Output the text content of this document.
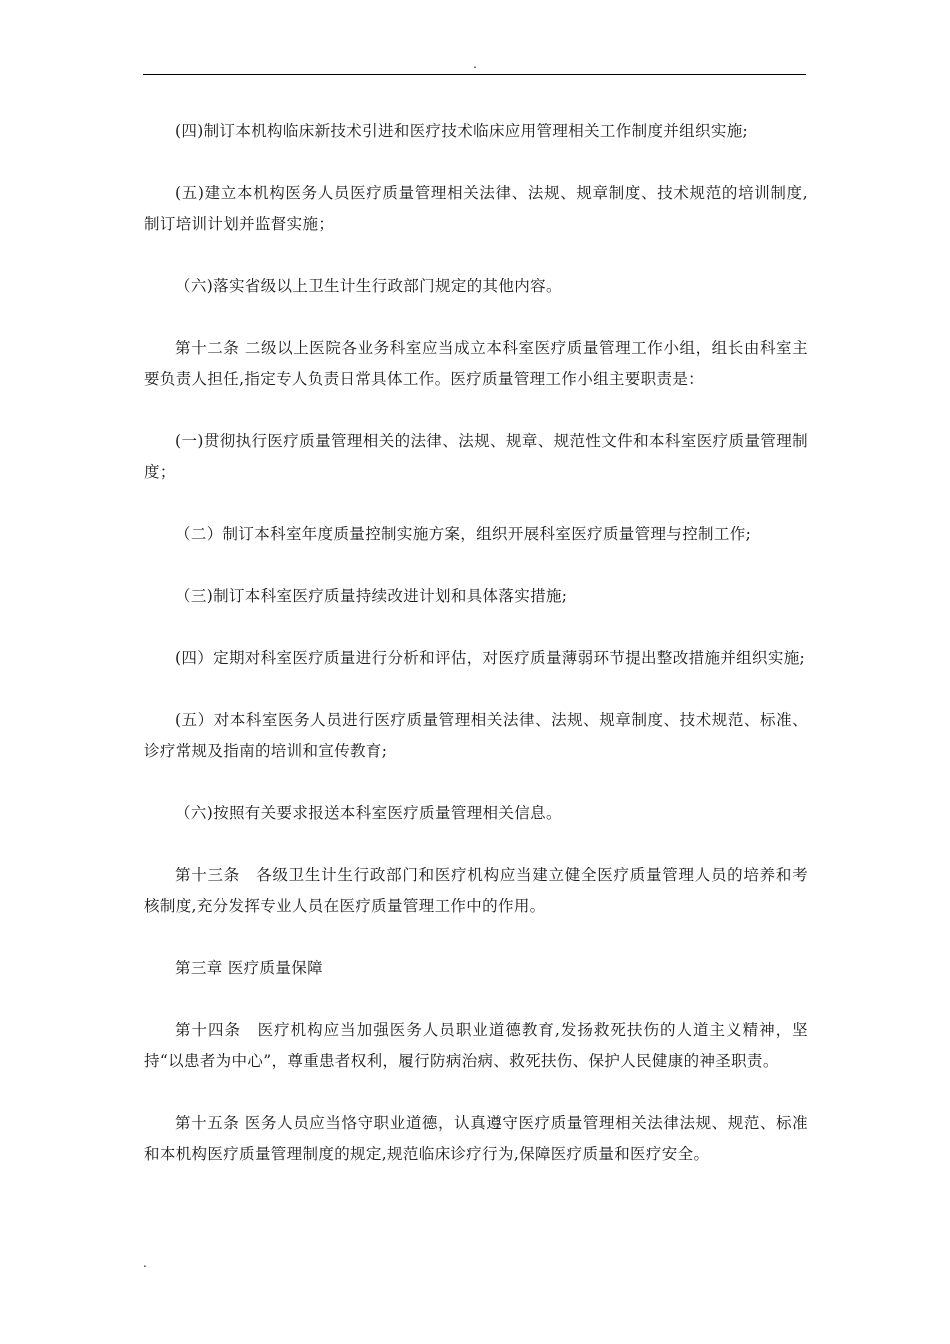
.

(四)制订本机构临床新技术引进和医疗技术临床应用管理相关工作制度并组织实施;

(五)建立本机构医务人员医疗质量管理相关法律、法规、规章制度、技术规范的培训制度,制订培训计划并监督实施；

（六)落实省级以上卫生计生行政部门规定的其他内容。

第十二条 二级以上医院各业务科室应当成立本科室医疗质量管理工作小组，组长由科室主要负责人担任,指定专人负责日常具体工作。医疗质量管理工作小组主要职责是：

(一)贯彻执行医疗质量管理相关的法律、法规、规章、规范性文件和本科室医疗质量管理制度；

（二）制订本科室年度质量控制实施方案，组织开展科室医疗质量管理与控制工作;

（三)制订本科室医疗质量持续改进计划和具体落实措施;

(四）定期对科室医疗质量进行分析和评估，对医疗质量薄弱环节提出整改措施并组织实施;

(五）对本科室医务人员进行医疗质量管理相关法律、法规、规章制度、技术规范、标准、诊疗常规及指南的培训和宣传教育;

（六)按照有关要求报送本科室医疗质量管理相关信息。

第十三条　各级卫生计生行政部门和医疗机构应当建立健全医疗质量管理人员的培养和考核制度,充分发挥专业人员在医疗质量管理工作中的作用。

第三章 医疗质量保障

第十四条　医疗机构应当加强医务人员职业道德教育,发扬救死扶伤的人道主义精神，坚持“以患者为中心”，尊重患者权利，履行防病治病、救死扶伤、保护人民健康的神圣职责。

第十五条 医务人员应当恪守职业道德，认真遵守医疗质量管理相关法律法规、规范、标准和本机构医疗质量管理制度的规定,规范临床诊疗行为,保障医疗质量和医疗安全。

.
